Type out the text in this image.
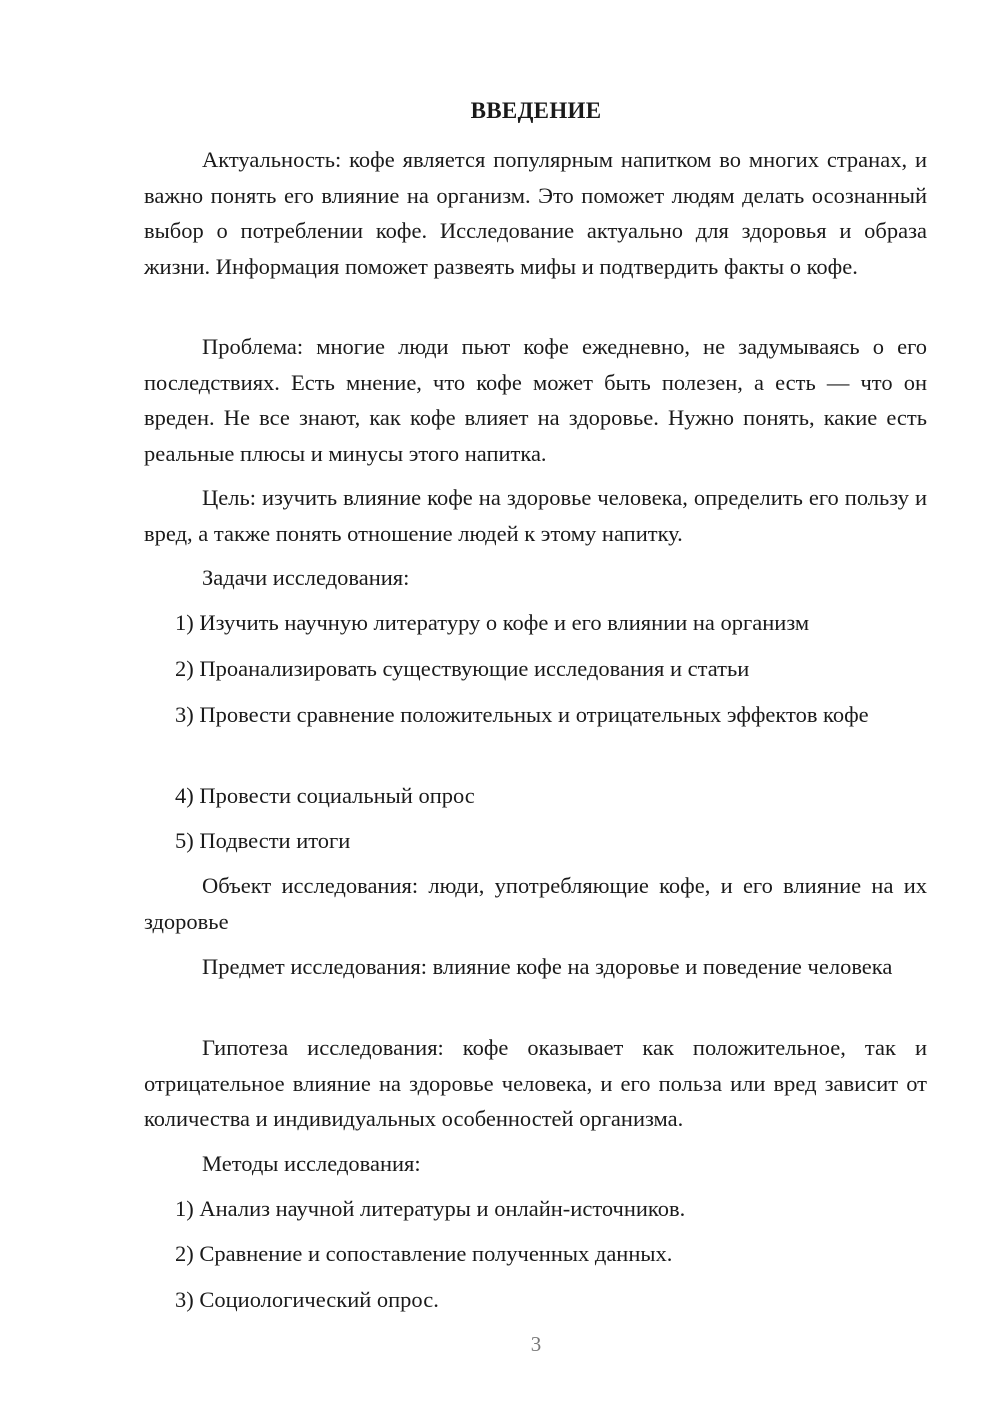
ВВЕДЕНИЕ

Актуальность: кофе является популярным напитком во многих странах, и важно понять его влияние на организм. Это поможет людям делать осознанный выбор о потреблении кофе. Исследование актуально для здоровья и образа жизни. Информация поможет развеять мифы и подтвердить факты о кофе.

Проблема: многие люди пьют кофе ежедневно, не задумываясь о его последствиях. Есть мнение, что кофе может быть полезен, а есть — что он вреден. Не все знают, как кофе влияет на здоровье. Нужно понять, какие есть реальные плюсы и минусы этого напитка.

Цель: изучить влияние кофе на здоровье человека, определить его пользу и вред, а также понять отношение людей к этому напитку.

Задачи исследования:

1) Изучить научную литературу о кофе и его влиянии на организм

2) Проанализировать существующие исследования и статьи

3) Провести сравнение положительных и отрицательных эффектов кофе

4) Провести социальный опрос

5) Подвести итоги

Объект исследования: люди, употребляющие кофе, и его влияние на их здоровье

Предмет исследования: влияние кофе на здоровье и поведение человека

Гипотеза исследования: кофе оказывает как положительное, так и отрицательное влияние на здоровье человека, и его польза или вред зависит от количества и индивидуальных особенностей организма.

Методы исследования:

1) Анализ научной литературы и онлайн-источников.

2) Сравнение и сопоставление полученных данных.

3) Социологический опрос.

3
